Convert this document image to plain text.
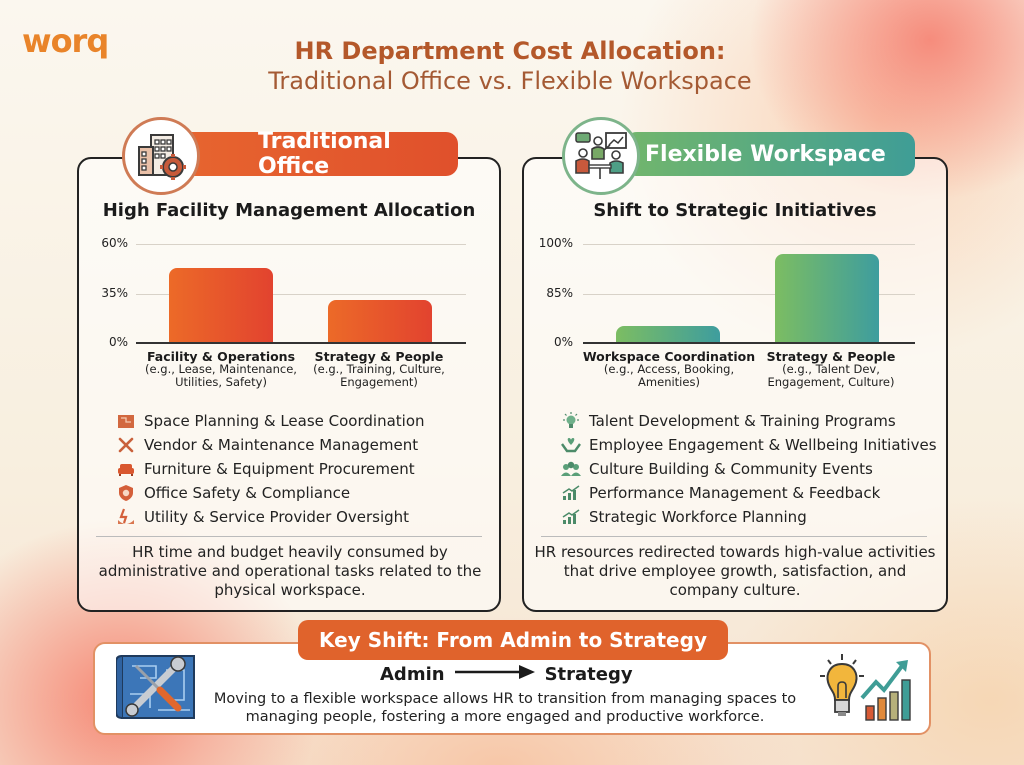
worq	HR Department Cost Allocation:
Traditional Office vs. Flexible Workspace
Traditional Office
High Facility Management Allocation
60%
35%
0%
Facility & Operations
(e.g., Lease, Maintenance, Utilities, Safety)
Strategy & People
(e.g., Training, Culture, Engagement)
Space Planning & Lease Coordination
Vendor & Maintenance Management
Furniture & Equipment Procurement
Office Safety & Compliance
Utility & Service Provider Oversight
HR time and budget heavily consumed by administrative and operational tasks related to the physical workspace.
Flexible Workspace
Shift to Strategic Initiatives
100%
85%
0%
Workspace Coordination
(e.g., Access, Booking, Amenities)
Strategy & People
(e.g., Talent Dev, Engagement, Culture)
Talent Development & Training Programs
Employee Engagement & Wellbeing Initiatives
Culture Building & Community Events
Performance Management & Feedback
Strategic Workforce Planning
HR resources redirected towards high-value activities that drive employee growth, satisfaction, and company culture.
Key Shift: From Admin to Strategy
Admin	Strategy
Moving to a flexible workspace allows HR to transition from managing spaces to managing people, fostering a more engaged and productive workforce.
